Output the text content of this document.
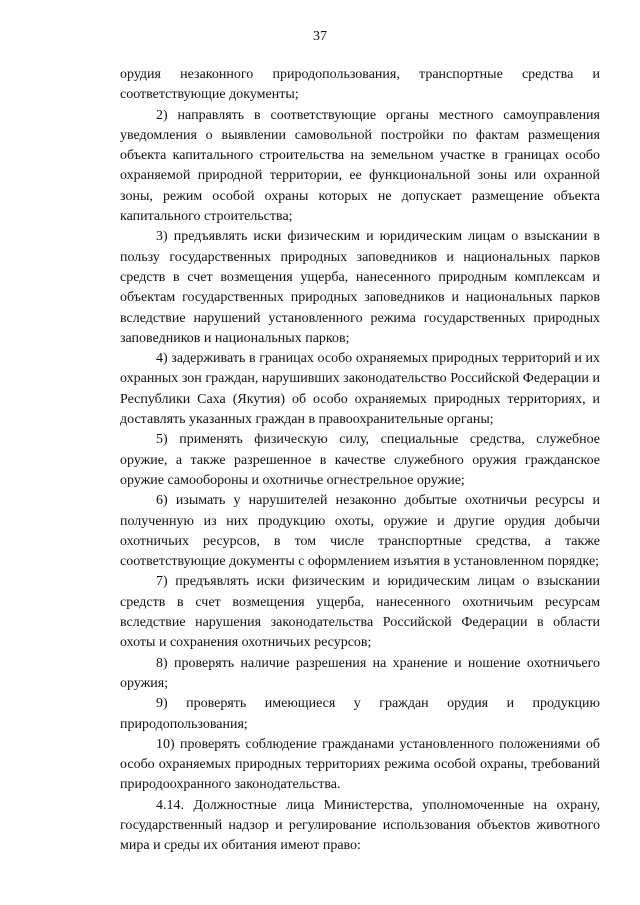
37

орудия незаконного природопользования, транспортные средства и соответствующие документы;

2) направлять в соответствующие органы местного самоуправления уведомления о выявлении самовольной постройки по фактам размещения объекта капитального строительства на земельном участке в границах особо охраняемой природной территории, ее функциональной зоны или охранной зоны, режим особой охраны которых не допускает размещение объекта капитального строительства;

3) предъявлять иски физическим и юридическим лицам о взыскании в пользу государственных природных заповедников и национальных парков средств в счет возмещения ущерба, нанесенного природным комплексам и объектам государственных природных заповедников и национальных парков вследствие нарушений установленного режима государственных природных заповедников и национальных парков;

4) задерживать в границах особо охраняемых природных территорий и их охранных зон граждан, нарушивших законодательство Российской Федерации и Республики Саха (Якутия) об особо охраняемых природных территориях, и доставлять указанных граждан в правоохранительные органы;

5) применять физическую силу, специальные средства, служебное оружие, а также разрешенное в качестве служебного оружия гражданское оружие самообороны и охотничье огнестрельное оружие;

6) изымать у нарушителей незаконно добытые охотничьи ресурсы и полученную из них продукцию охоты, оружие и другие орудия добычи охотничьих ресурсов, в том числе транспортные средства, а также соответствующие документы с оформлением изъятия в установленном порядке;

7) предъявлять иски физическим и юридическим лицам о взыскании средств в счет возмещения ущерба, нанесенного охотничьим ресурсам вследствие нарушения законодательства Российской Федерации в области охоты и сохранения охотничьих ресурсов;

8) проверять наличие разрешения на хранение и ношение охотничьего оружия;

9) проверять имеющиеся у граждан орудия и продукцию природопользования;

10) проверять соблюдение гражданами установленного положениями об особо охраняемых природных территориях режима особой охраны, требований природоохранного законодательства.

4.14. Должностные лица Министерства, уполномоченные на охрану, государственный надзор и регулирование использования объектов животного мира и среды их обитания имеют право:
